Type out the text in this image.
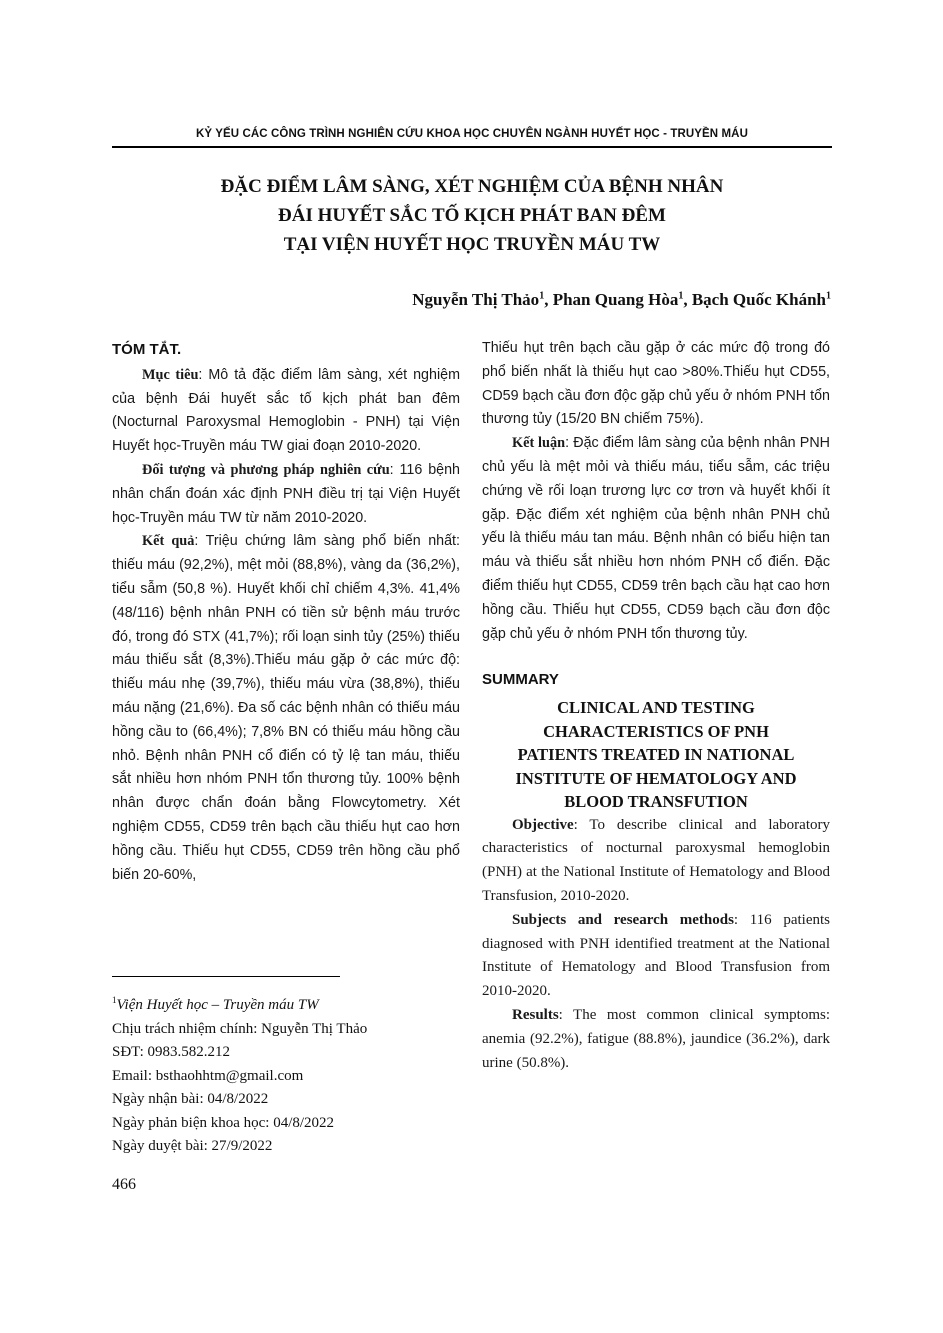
KỶ YẾU CÁC CÔNG TRÌNH NGHIÊN CỨU KHOA HỌC CHUYÊN NGÀNH HUYẾT HỌC - TRUYỀN MÁU
ĐẶC ĐIỂM LÂM SÀNG, XÉT NGHIỆM CỦA BỆNH NHÂN
ĐÁI HUYẾT SẮC TỐ KỊCH PHÁT BAN ĐÊM
TẠI VIỆN HUYẾT HỌC TRUYỀN MÁU TW
Nguyễn Thị Thảo$^1$, Phan Quang Hòa$^1$, Bạch Quốc Khánh$^1$
TÓM TẮT.

Mục tiêu: Mô tả đặc điểm lâm sàng, xét nghiệm của bệnh Đái huyết sắc tố kịch phát ban đêm (Nocturnal Paroxysmal Hemoglobin - PNH) tại Viện Huyết học-Truyền máu TW giai đoạn 2010-2020.

Đối tượng và phương pháp nghiên cứu: 116 bệnh nhân chẩn đoán xác định PNH điều trị tại Viện Huyết học-Truyền máu TW từ năm 2010-2020.

Kết quả: Triệu chứng lâm sàng phổ biến nhất: thiếu máu (92,2%), mệt mỏi (88,8%), vàng da (36,2%), tiểu sẫm (50,8 %). Huyết khối chỉ chiếm 4,3%. 41,4% (48/116) bệnh nhân PNH có tiền sử bệnh máu trước đó, trong đó STX (41,7%); rối loạn sinh tủy (25%) thiếu máu thiếu sắt (8,3%).Thiếu máu gặp ở các mức độ: thiếu máu nhẹ (39,7%), thiếu máu vừa (38,8%), thiếu máu nặng (21,6%). Đa số các bệnh nhân có thiếu máu hồng cầu to (66,4%); 7,8% BN có thiếu máu hồng cầu nhỏ. Bệnh nhân PNH cổ điển có tỷ lệ tan máu, thiếu sắt nhiều hơn nhóm PNH tổn thương tủy. 100% bệnh nhân được chẩn đoán bằng Flowcytometry. Xét nghiệm CD55, CD59 trên bạch cầu thiếu hụt cao hơn hồng cầu. Thiếu hụt CD55, CD59 trên hồng cầu phổ biến 20-60%,

$^1$Viện Huyết học – Truyền máu TW
Chịu trách nhiệm chính: Nguyễn Thị Thảo
SĐT: 0983.582.212
Email: bsthaohhtm@gmail.com
Ngày nhận bài: 04/8/2022
Ngày phản biện khoa học: 04/8/2022
Ngày duyệt bài: 27/9/2022

Thiếu hụt trên bạch cầu gặp ở các mức độ trong đó phổ biến nhất là thiếu hụt cao >80%.Thiếu hụt CD55, CD59 bạch cầu đơn độc gặp chủ yếu ở nhóm PNH tổn thương tủy (15/20 BN chiếm 75%).

Kết luận: Đặc điểm lâm sàng của bệnh nhân PNH chủ yếu là mệt mỏi và thiếu máu, tiểu sẫm, các triệu chứng về rối loạn trương lực cơ trơn và huyết khối ít gặp. Đặc điểm xét nghiệm của bệnh nhân PNH chủ yếu là thiếu máu tan máu. Bệnh nhân có biểu hiện tan máu và thiếu sắt nhiều hơn nhóm PNH cổ điển. Đặc điểm thiếu hụt CD55, CD59 trên bạch cầu hạt cao hơn hồng cầu. Thiếu hụt CD55, CD59 bạch cầu đơn độc gặp chủ yếu ở nhóm PNH tổn thương tủy.

SUMMARY
CLINICAL AND TESTING
CHARACTERISTICS OF PNH
PATIENTS TREATED IN NATIONAL
INSTITUTE OF HEMATOLOGY AND
BLOOD TRANSFUTION

Objective: To describe clinical and laboratory characteristics of nocturnal paroxysmal hemoglobin (PNH) at the National Institute of Hematology and Blood Transfusion, 2010-2020.

Subjects and research methods: 116 patients diagnosed with PNH identified treatment at the National Institute of Hematology and Blood Transfusion from 2010-2020.

Results: The most common clinical symptoms: anemia (92.2%), fatigue (88.8%), jaundice (36.2%), dark urine (50.8%).

466
